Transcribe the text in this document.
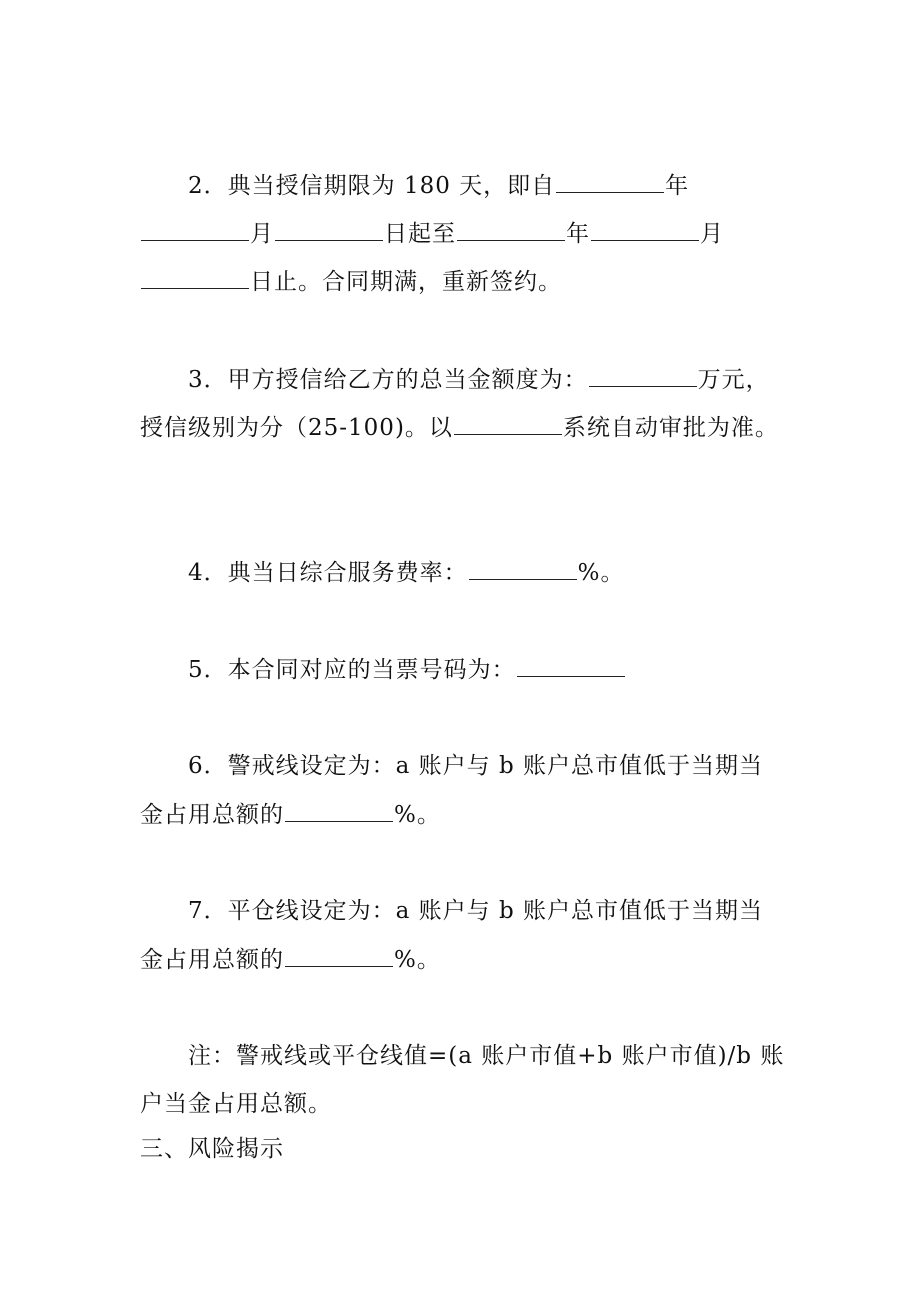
2．典当授信期限为 180 天，即自	年
月	日起至	年	月
日止。合同期满，重新签约。
3．甲方授信给乙方的总当金额度为：	万元，
授信级别为分（25-100)。以	系统自动审批为准。
4．典当日综合服务费率：	%。
5．本合同对应的当票号码为：
6．警戒线设定为：a 账户与 b 账户总市值低于当期当
金占用总额的	%。
7．平仓线设定为：a 账户与 b 账户总市值低于当期当
金占用总额的	%。
注：警戒线或平仓线值=(a 账户市值+b 账户市值)/b 账
户当金占用总额。
三、风险揭示
